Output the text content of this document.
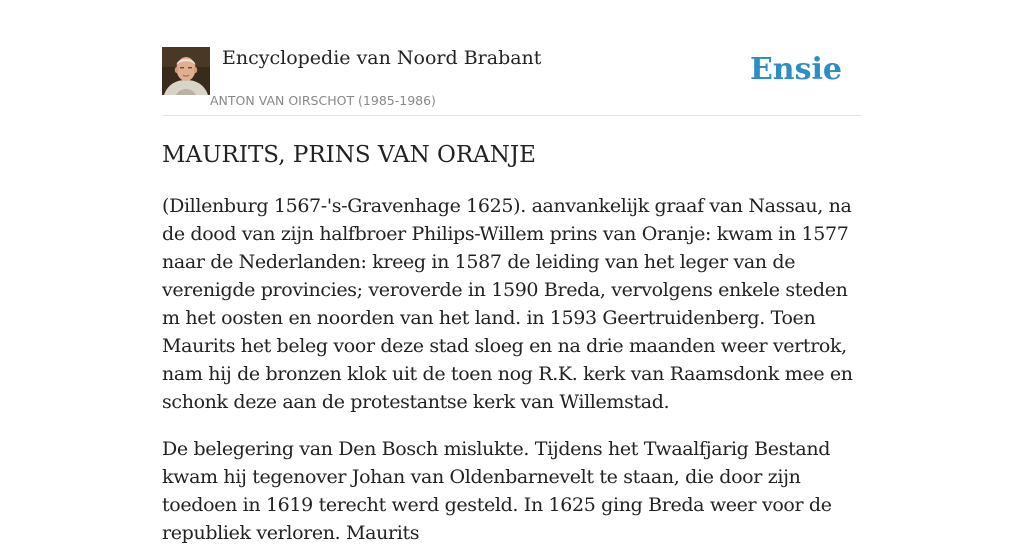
Encyclopedie van Noord Brabant
ANTON VAN OIRSCHOT (1985-1986)
Ensie
MAURITS, PRINS VAN ORANJE

(Dillenburg 1567-'s-Gravenhage 1625). aanvankelijk graaf van Nassau, na de dood van zijn halfbroer Philips-Willem prins van Oranje: kwam in 1577 naar de Nederlanden: kreeg in 1587 de leiding van het leger van de verenigde provincies; veroverde in 1590 Breda, vervolgens enkele steden m het oosten en noorden van het land. in 1593 Geertruidenberg. Toen Maurits het beleg voor deze stad sloeg en na drie maanden weer vertrok, nam hij de bronzen klok uit de toen nog R.K. kerk van Raamsdonk mee en schonk deze aan de protestantse kerk van Willemstad.

De belegering van Den Bosch mislukte. Tijdens het Twaalfjarig Bestand kwam hij tegenover Johan van Oldenbarnevelt te staan, die door zijn toedoen in 1619 terecht werd gesteld. In 1625 ging Breda weer voor de republiek verloren. Maurits
